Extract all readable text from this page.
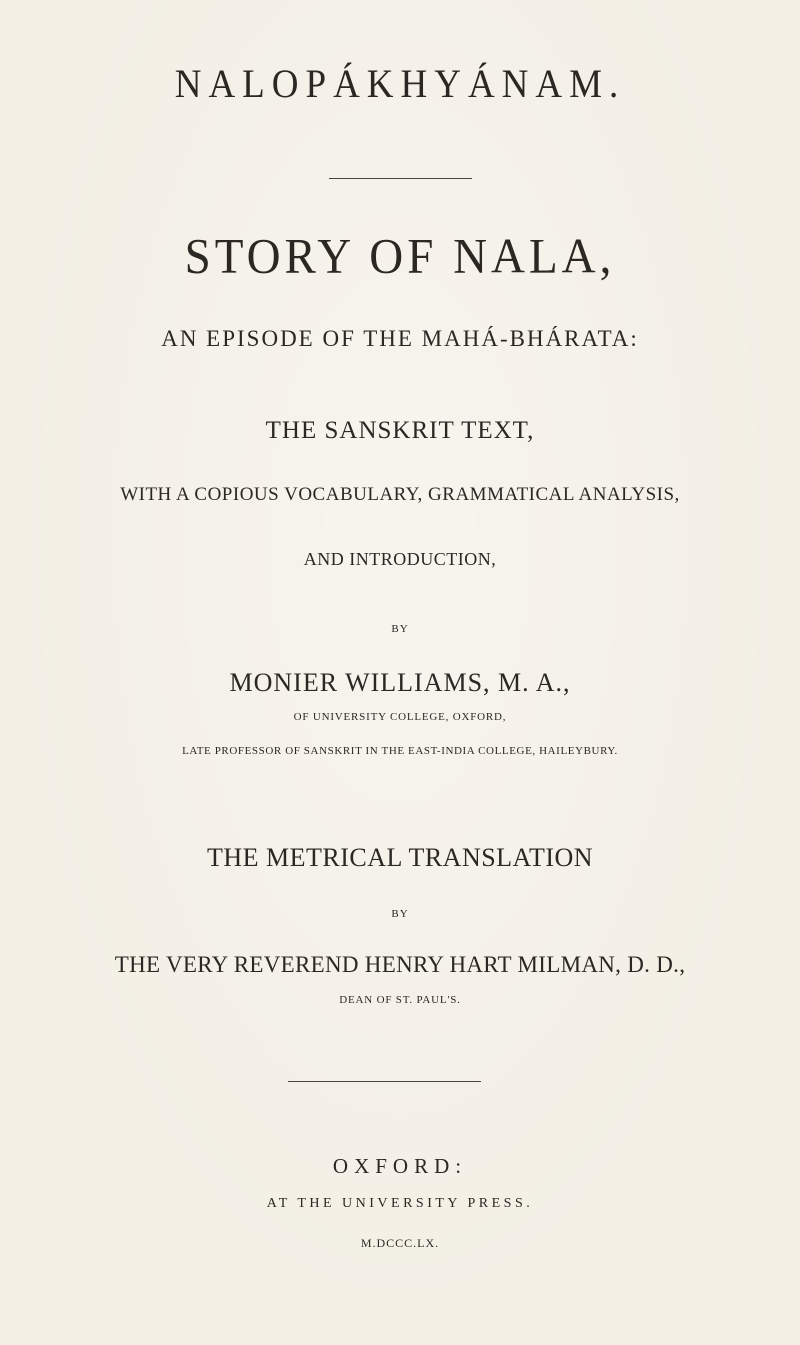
NALOPÁKHYÁNAM.
STORY OF NALA,
AN EPISODE OF THE MAHÁ-BHÁRATA:
THE SANSKRIT TEXT,
WITH A COPIOUS VOCABULARY, GRAMMATICAL ANALYSIS,
AND INTRODUCTION,
BY
MONIER WILLIAMS, M. A.,
OF UNIVERSITY COLLEGE, OXFORD,
LATE PROFESSOR OF SANSKRIT IN THE EAST-INDIA COLLEGE, HAILEYBURY.
THE METRICAL TRANSLATION
BY
THE VERY REVEREND HENRY HART MILMAN, D. D.,
DEAN OF ST. PAUL'S.
OXFORD:
AT THE UNIVERSITY PRESS.
M.DCCC.LX.
